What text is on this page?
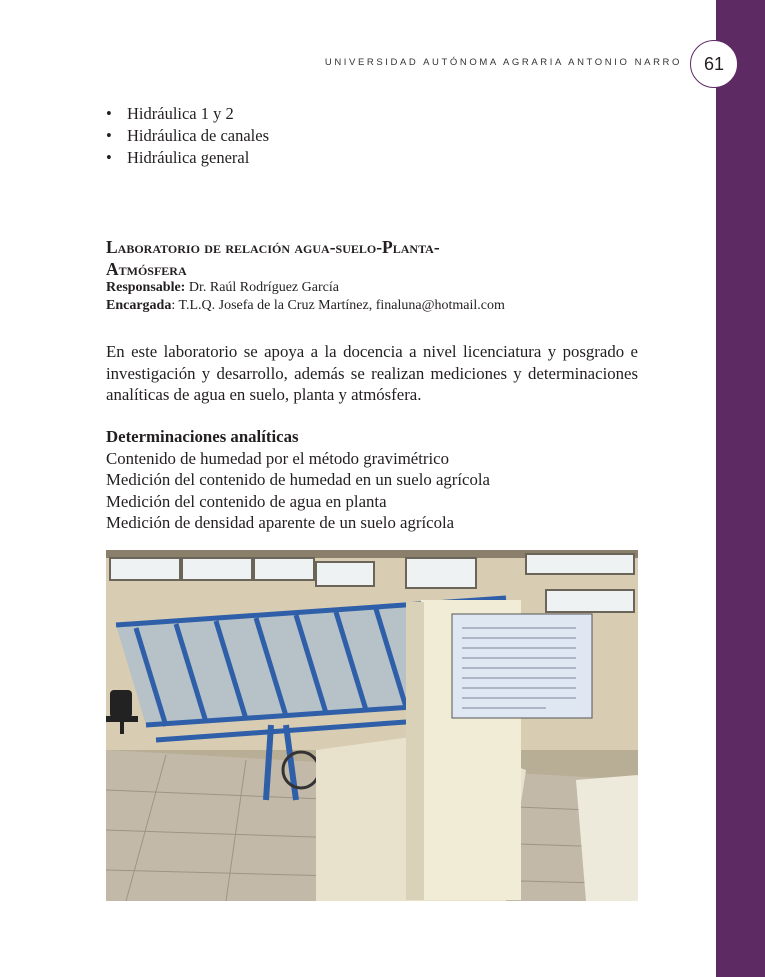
UNIVERSIDAD AUTÓNOMA AGRARIA ANTONIO NARRO 61
• Hidráulica 1 y 2
• Hidráulica de canales
• Hidráulica general
Laboratorio de relación agua-suelo-Planta-
Atmósfera
Responsable: Dr. Raúl Rodríguez García
Encargada: T.L.Q. Josefa de la Cruz Martínez, finaluna@hotmail.com

En este laboratorio se apoya a la docencia a nivel licenciatura y posgrado e investigación y desarrollo, además se realizan mediciones y determinaciones analíticas de agua en suelo, planta y atmósfera.

Determinaciones analíticas
Contenido de humedad por el método gravimétrico
Medición del contenido de humedad en un suelo agrícola
Medición del contenido de agua en planta
Medición de densidad aparente de un suelo agrícola
